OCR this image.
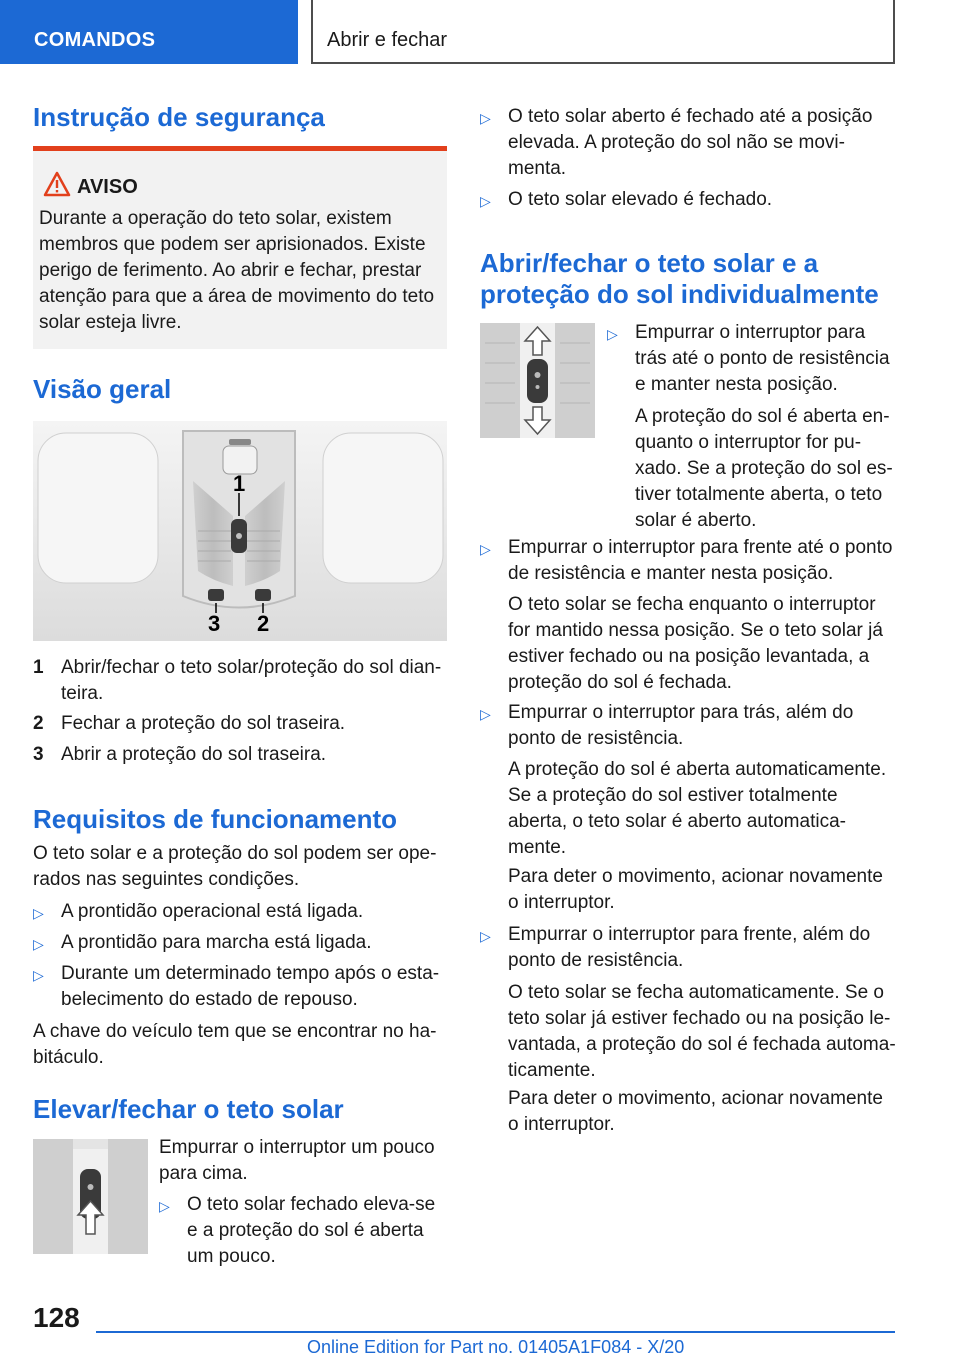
COMANDOS	Abrir e fechar
Instrução de segurança
AVISO
Durante a operação do teto solar, existem membros que podem ser aprisionados. Existe perigo de ferimento. Ao abrir e fechar, prestar atenção para que a área de movimento do teto solar esteja livre.
Visão geral
1
2
3
1 Abrir/fechar o teto solar/proteção do sol dian-teira.
2 Fechar a proteção do sol traseira.
3 Abrir a proteção do sol traseira.
Requisitos de funcionamento
O teto solar e a proteção do sol podem ser ope-rados nas seguintes condições.
▷ A prontidão operacional está ligada.
▷ A prontidão para marcha está ligada.
▷ Durante um determinado tempo após o esta-belecimento do estado de repouso.
A chave do veículo tem que se encontrar no ha-bitáculo.
Elevar/fechar o teto solar
Empurrar o interruptor um pouco para cima.
▷ O teto solar fechado eleva-se e a proteção do sol é aberta um pouco.
▷ O teto solar aberto é fechado até a posição elevada. A proteção do sol não se movi-menta.
▷ O teto solar elevado é fechado.
Abrir/fechar o teto solar e a proteção do sol individualmente
▷ Empurrar o interruptor para trás até o ponto de resistência e manter nesta posição.
A proteção do sol é aberta en-quanto o interruptor for pu-xado. Se a proteção do sol es-tiver totalmente aberta, o teto solar é aberto.
▷ Empurrar o interruptor para frente até o ponto de resistência e manter nesta posição.
O teto solar se fecha enquanto o interruptor for mantido nessa posição. Se o teto solar já estiver fechado ou na posição levantada, a proteção do sol é fechada.
▷ Empurrar o interruptor para trás, além do ponto de resistência.
A proteção do sol é aberta automaticamente. Se a proteção do sol estiver totalmente aberta, o teto solar é aberto automatica-mente.
Para deter o movimento, acionar novamente o interruptor.
▷ Empurrar o interruptor para frente, além do ponto de resistência.
O teto solar se fecha automaticamente. Se o teto solar já estiver fechado ou na posição le-vantada, a proteção do sol é fechada automa-ticamente.
Para deter o movimento, acionar novamente o interruptor.
128
Online Edition for Part no. 01405A1F084 - X/20
